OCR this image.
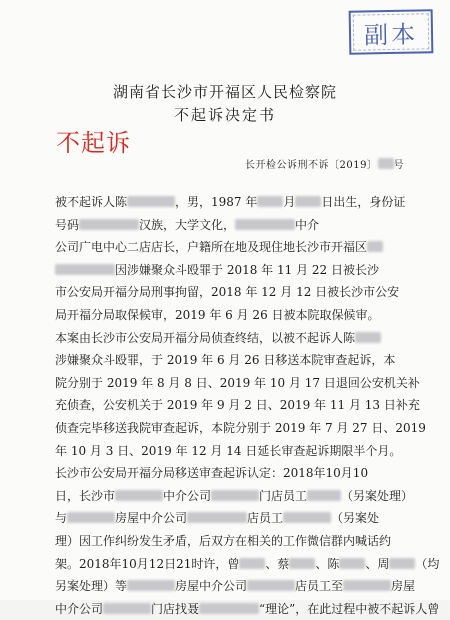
副本
湖南省长沙市开福区人民检察院
不起诉决定书
不起诉
长开检公诉刑不诉〔2019〕 号
被不起诉人陈	，男，1987 年 月 日出生，身份证
号码	汉族，大学文化，	中介
公司广电中心二店店长，户籍所在地及现住地长沙市开福区
因涉嫌聚众斗殴罪于 2018 年 11 月 22 日被长沙
市公安局开福分局刑事拘留，2018 年 12 月 12 日被长沙市公安
局开福分局取保候审，2019 年 6 月 26 日被本院取保候审。
本案由长沙市公安局开福分局侦查终结，以被不起诉人陈
涉嫌聚众斗殴罪，于 2019 年 6 月 26 日移送本院审查起诉，本
院分别于 2019 年 8 月 8 日、2019 年 10 月 17 日退回公安机关补
充侦查，公安机关于 2019 年 9 月 2 日、2019 年 11 月 13 日补充
侦查完毕移送我院审查起诉，本院分别于 2019 年 7 月 27 日、2019
年 10 月 3 日、2019 年 12 月 14 日延长审查起诉期限半个月。
长沙市公安局开福分局移送审查起诉认定：2018年10月10
日，长沙市	中介公司	门店员工	（另案处理）
与	房屋中介公司	店员工	（另案处
理）因工作纠纷发生矛盾，后双方在相关的工作微信群内喊话约
架。2018年10月12日21时许，曾 、蔡 、陈 、周 （均
另案处理）等	房屋中介公司	店员工至	房屋
中介公司	门店找聂	“理论”，在此过程中被不起诉人曾
